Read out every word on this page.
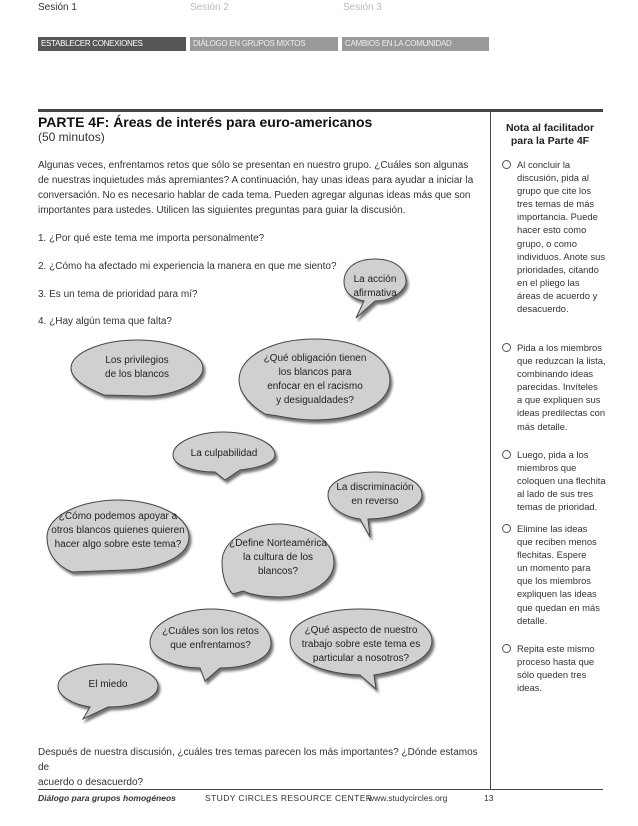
Sesión 1	Sesión 2	Sesión 3
ESTABLECER CONEXIONES	DIÁLOGO EN GRUPOS MIXTOS	CAMBIOS EN LA COMUNIDAD
PARTE 4F: Áreas de interés para euro-americanos
(50 minutos)
Algunas veces, enfrentamos retos que sólo se presentan en nuestro grupo. ¿Cuáles son algunas
de nuestras inquietudes más apremiantes? A continuación, hay unas ideas para ayudar a iniciar la
conversación. No es necesario hablar de cada tema. Pueden agregar algunas ideas más que son
importantes para ustedes. Utilicen las siguientes preguntas para guiar la discusión.
1. ¿Por qué este tema me importa personalmente?
2. ¿Cómo ha afectado mi experiencia la manera en que me siento?
3. Es un tema de prioridad para mí?
4. ¿Hay algún tema que falta?
La acción
afirmativa
Los privilegios
de los blancos
¿Qué obligación tienen
los blancos para
enfocar en el racismo
y desigualdades?
La culpabilidad
La discriminación
en reverso
¿Cómo podemos apoyar a
otros blancos quienes quieren
hacer algo sobre este tema?	¿Define Norteamérica
la cultura de los
blancos?
¿Cuáles son los retos
que enfrentamos?
¿Qué aspecto de nuestro
trabajo sobre este tema es
particular a nosotros?
El miedo
Después de nuestra discusión, ¿cuáles tres temas parecen los más importantes? ¿Dónde estamos de
acuerdo o desacuerdo?
Nota al facilitador
para la Parte 4F
Al concluir la
discusión, pida al
grupo que cite los
tres temas de más
importancia. Puede
hacer esto como
grupo, o como
individuos. Anote sus
prioridades, citando
en el pliego las
áreas de acuerdo y
desacuerdo.
Pida a los miembros
que reduzcan la lista,
combinando ideas
parecidas. Invíteles
a que expliquen sus
ideas predilectas con
más detalle.
Luego, pida a los
miembros que
coloquen una flechita
al lado de sus tres
temas de prioridad.
Elimine las ideas
que reciben menos
flechitas. Espere
un momento para
que los miembros
expliquen las ideas
que quedan en más
detalle.
Repita este mismo
proceso hasta que
sólo queden tres
ideas.
Diálogo para grupos homogéneos	STUDY CIRCLES RESOURCE CENTER
www.studycircles.org	13
